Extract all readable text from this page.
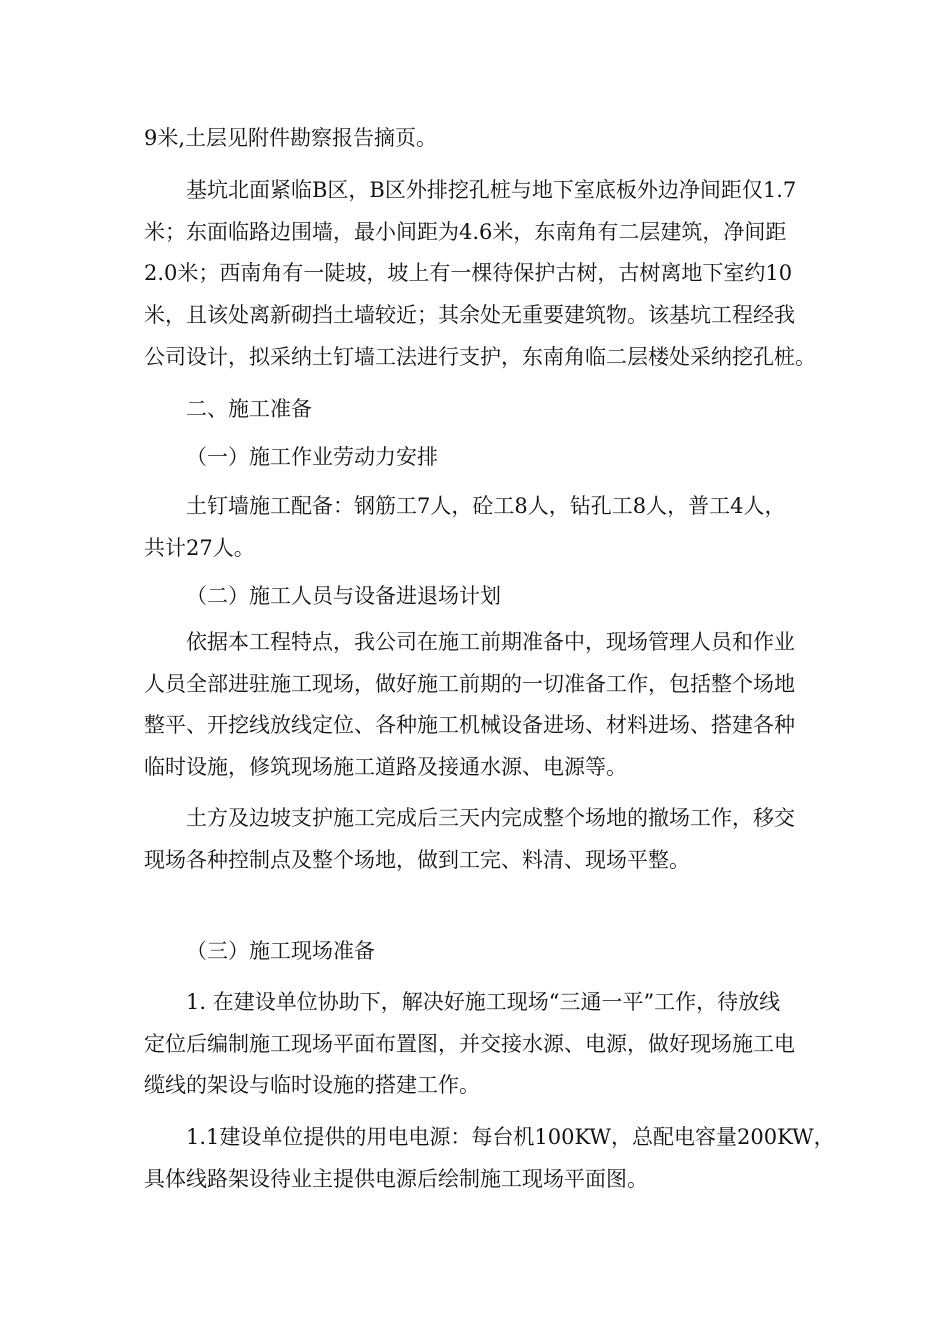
9米,土层见附件勘察报告摘页。

基坑北面紧临B区，B区外排挖孔桩与地下室底板外边净间距仅1.7

米；东面临路边围墙，最小间距为4.6米，东南角有二层建筑，净间距

2.0米；西南角有一陡坡，坡上有一棵待保护古树，古树离地下室约10

米，且该处离新砌挡土墙较近；其余处无重要建筑物。该基坑工程经我

公司设计，拟采纳土钉墙工法进行支护，东南角临二层楼处采纳挖孔桩。

二、施工准备

（一）施工作业劳动力安排

土钉墙施工配备：钢筋工7人，砼工8人，钻孔工8人，普工4人，

共计27人。

（二）施工人员与设备进退场计划

依据本工程特点，我公司在施工前期准备中，现场管理人员和作业

人员全部进驻施工现场，做好施工前期的一切准备工作，包括整个场地

整平、开挖线放线定位、各种施工机械设备进场、材料进场、搭建各种

临时设施，修筑现场施工道路及接通水源、电源等。

土方及边坡支护施工完成后三天内完成整个场地的撤场工作，移交

现场各种控制点及整个场地，做到工完、料清、现场平整。

（三）施工现场准备

1. 在建设单位协助下，解决好施工现场“三通一平”工作，待放线

定位后编制施工现场平面布置图，并交接水源、电源，做好现场施工电

缆线的架设与临时设施的搭建工作。

1.1建设单位提供的用电电源：每台机100KW，总配电容量200KW，

具体线路架设待业主提供电源后绘制施工现场平面图。
